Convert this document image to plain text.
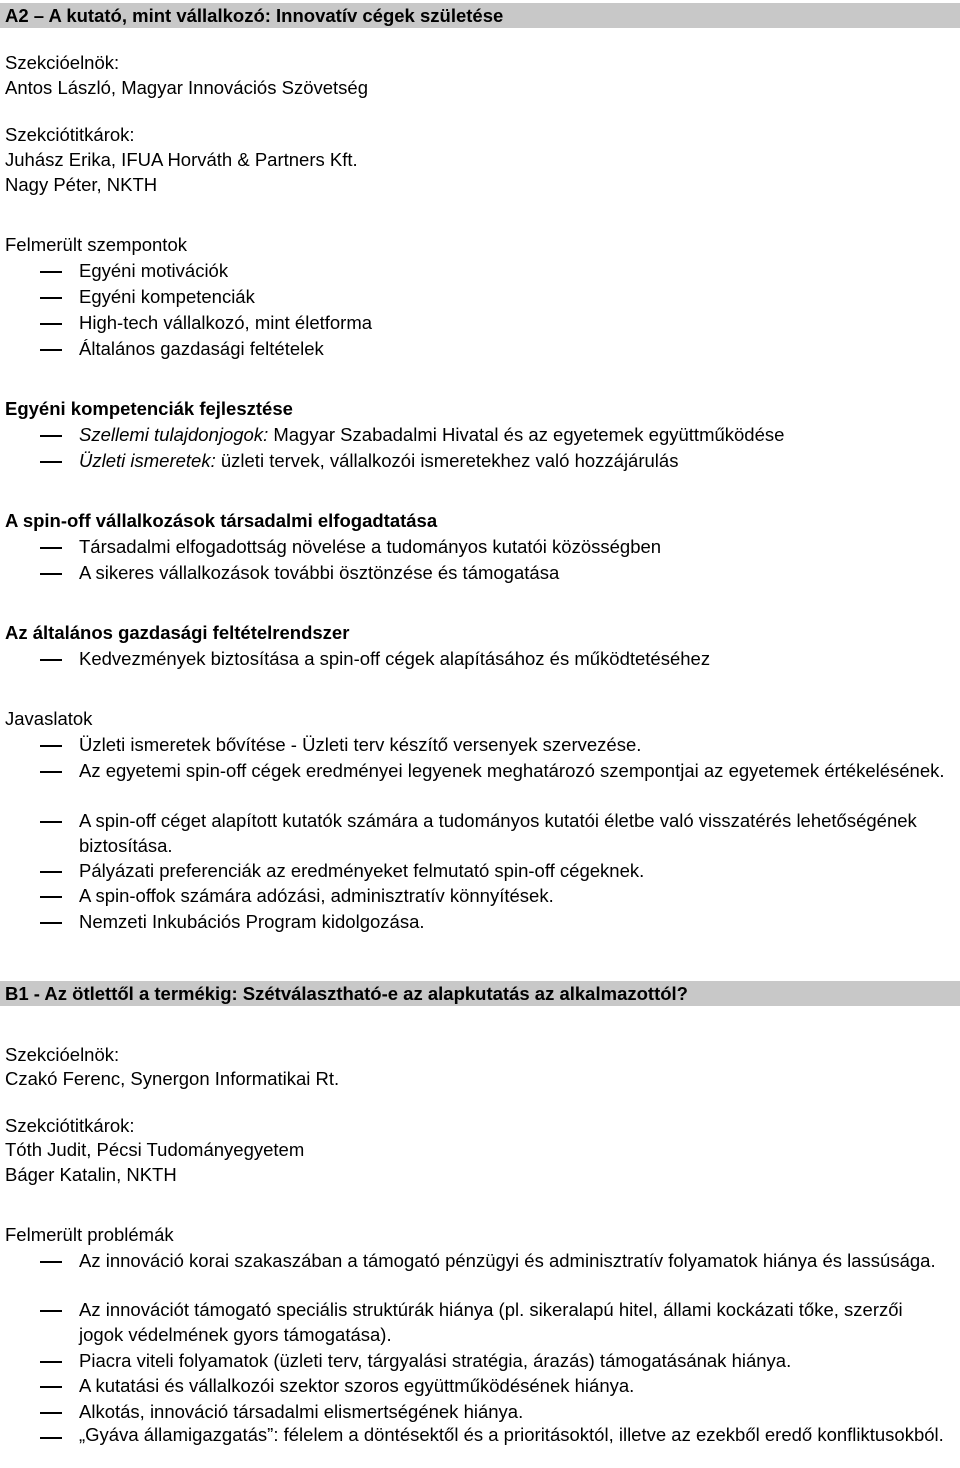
A2 – A kutató, mint vállalkozó: Innovatív cégek születése
Szekcióelnök:
Antos László, Magyar Innovációs Szövetség
Szekciótitkárok:
Juhász Erika, IFUA Horváth & Partners Kft.
Nagy Péter, NKTH
Felmerült szempontok
Egyéni motivációk
Egyéni kompetenciák
High-tech vállalkozó, mint életforma
Általános gazdasági feltételek
Egyéni kompetenciák fejlesztése
Szellemi tulajdonjogok: Magyar Szabadalmi Hivatal és az egyetemek együttműködése
Üzleti ismeretek: üzleti tervek, vállalkozói ismeretekhez való hozzájárulás
A spin-off vállalkozások társadalmi elfogadtatása
Társadalmi elfogadottság növelése a tudományos kutatói közösségben
A sikeres vállalkozások további ösztönzése és támogatása
Az általános gazdasági feltételrendszer
Kedvezmények biztosítása a spin-off cégek alapításához és működtetéséhez
Javaslatok
Üzleti ismeretek bővítése - Üzleti terv készítő versenyek szervezése.
Az egyetemi spin-off cégek eredményei legyenek meghatározó szempontjai az egyetemek értékelésének.
A spin-off céget alapított kutatók számára a tudományos kutatói életbe való visszatérés lehetőségének biztosítása.
Pályázati preferenciák az eredményeket felmutató spin-off cégeknek.
A spin-offok számára adózási, adminisztratív könnyítések.
Nemzeti Inkubációs Program kidolgozása.
B1 - Az ötlettől a termékig: Szétválasztható-e az alapkutatás az alkalmazottól?
Szekcióelnök:
Czakó Ferenc, Synergon Informatikai Rt.
Szekciótitkárok:
Tóth Judit, Pécsi Tudományegyetem
Báger Katalin, NKTH
Felmerült problémák
Az innováció korai szakaszában a támogató pénzügyi és adminisztratív folyamatok hiánya és lassúsága.
Az innovációt támogató speciális struktúrák hiánya (pl. sikeralapú hitel, állami kockázati tőke, szerzői jogok védelmének gyors támogatása).
Piacra viteli folyamatok (üzleti terv, tárgyalási stratégia, árazás) támogatásának hiánya.
A kutatási és vállalkozói szektor szoros együttműködésének hiánya.
Alkotás, innováció társadalmi elismertségének hiánya.
„Gyáva államigazgatás”: félelem a döntésektől és a prioritásoktól, illetve az ezekből eredő konfliktusokból.
